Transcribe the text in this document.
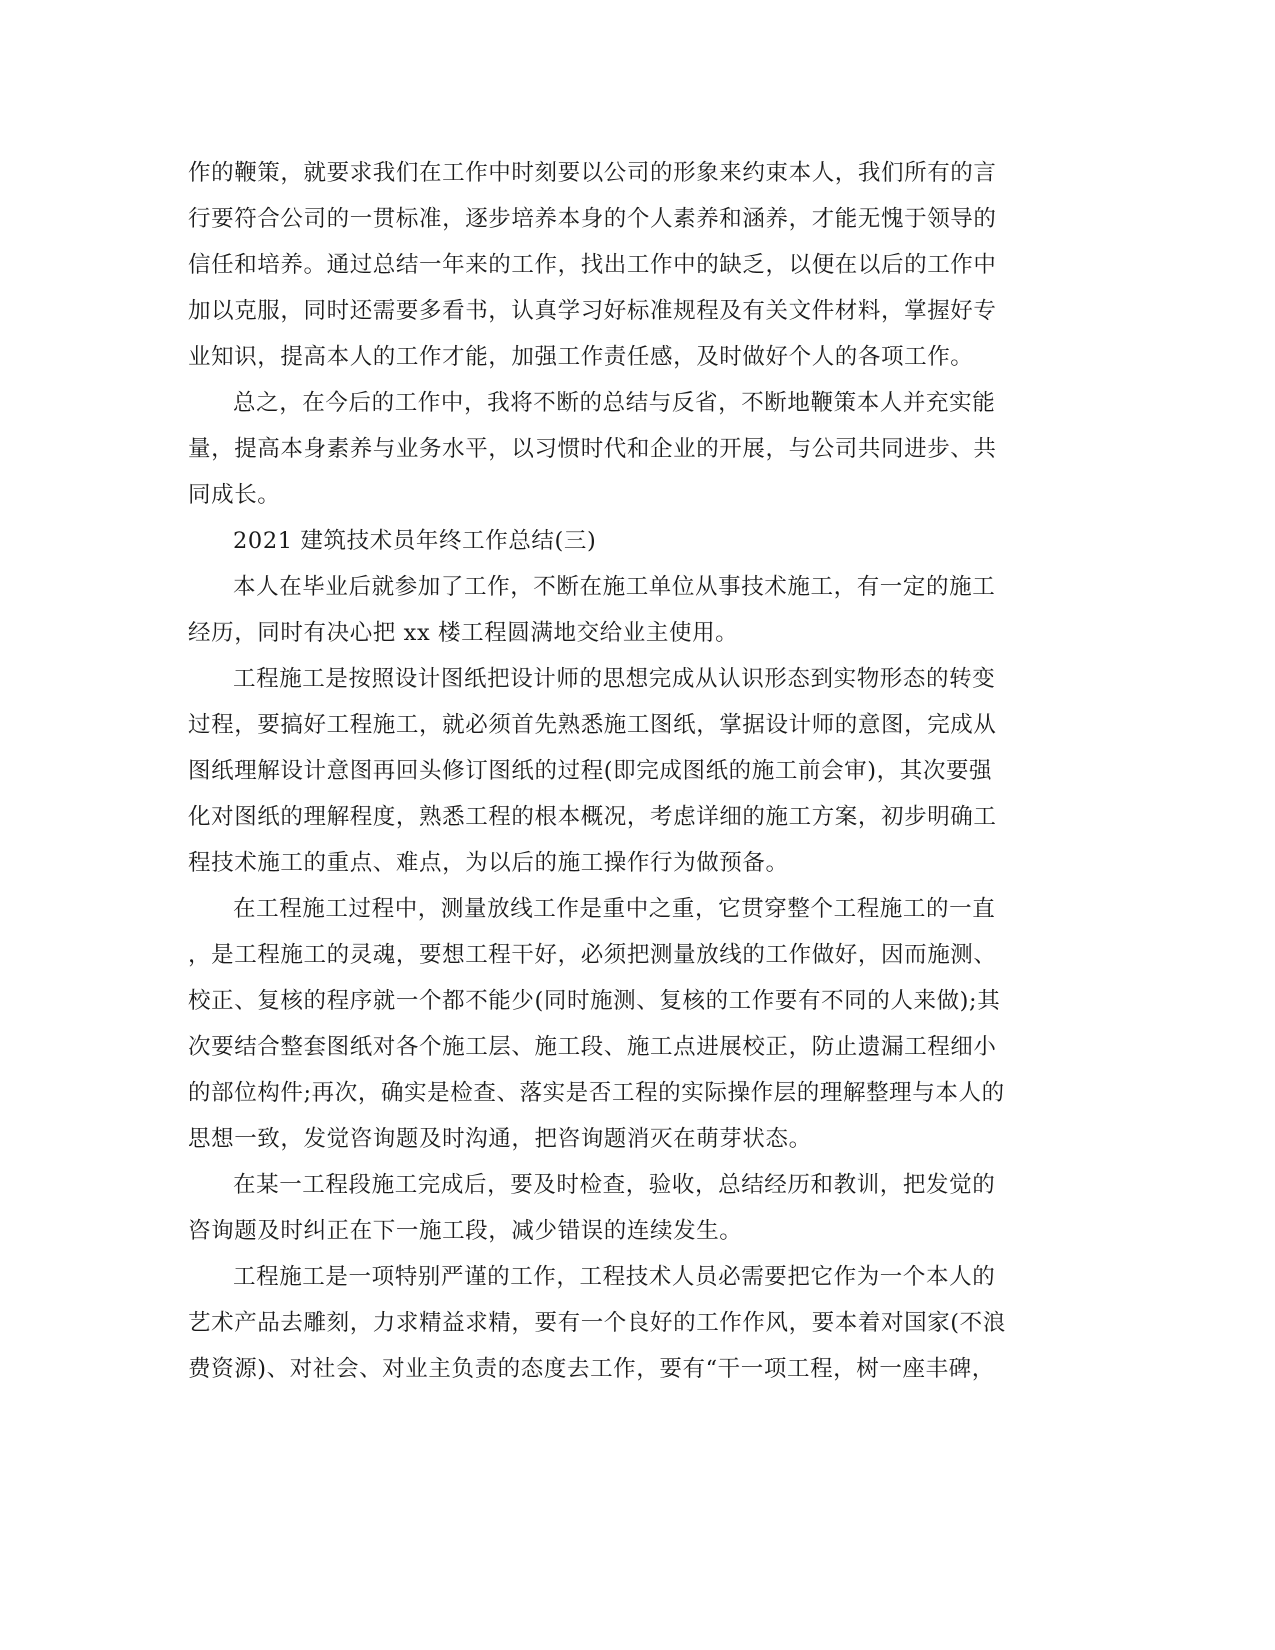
作的鞭策，就要求我们在工作中时刻要以公司的形象来约束本人，我们所有的言
行要符合公司的一贯标准，逐步培养本身的个人素养和涵养，才能无愧于领导的
信任和培养。通过总结一年来的工作，找出工作中的缺乏，以便在以后的工作中
加以克服，同时还需要多看书，认真学习好标准规程及有关文件材料，掌握好专
业知识，提高本人的工作才能，加强工作责任感，及时做好个人的各项工作。
总之，在今后的工作中，我将不断的总结与反省，不断地鞭策本人并充实能
量，提高本身素养与业务水平，以习惯时代和企业的开展，与公司共同进步、共
同成长。
2021 建筑技术员年终工作总结(三)
本人在毕业后就参加了工作，不断在施工单位从事技术施工，有一定的施工
经历，同时有决心把 xx 楼工程圆满地交给业主使用。
工程施工是按照设计图纸把设计师的思想完成从认识形态到实物形态的转变
过程，要搞好工程施工，就必须首先熟悉施工图纸，掌据设计师的意图，完成从
图纸理解设计意图再回头修订图纸的过程(即完成图纸的施工前会审)，其次要强
化对图纸的理解程度，熟悉工程的根本概况，考虑详细的施工方案，初步明确工
程技术施工的重点、难点，为以后的施工操作行为做预备。
在工程施工过程中，测量放线工作是重中之重，它贯穿整个工程施工的一直
，是工程施工的灵魂，要想工程干好，必须把测量放线的工作做好，因而施测、
校正、复核的程序就一个都不能少(同时施测、复核的工作要有不同的人来做);其
次要结合整套图纸对各个施工层、施工段、施工点进展校正，防止遗漏工程细小
的部位构件;再次，确实是检查、落实是否工程的实际操作层的理解整理与本人的
思想一致，发觉咨询题及时沟通，把咨询题消灭在萌芽状态。
在某一工程段施工完成后，要及时检查，验收，总结经历和教训，把发觉的
咨询题及时纠正在下一施工段，减少错误的连续发生。
工程施工是一项特别严谨的工作，工程技术人员必需要把它作为一个本人的
艺术产品去雕刻，力求精益求精，要有一个良好的工作作风，要本着对国家(不浪
费资源)、对社会、对业主负责的态度去工作，要有“干一项工程，树一座丰碑，
